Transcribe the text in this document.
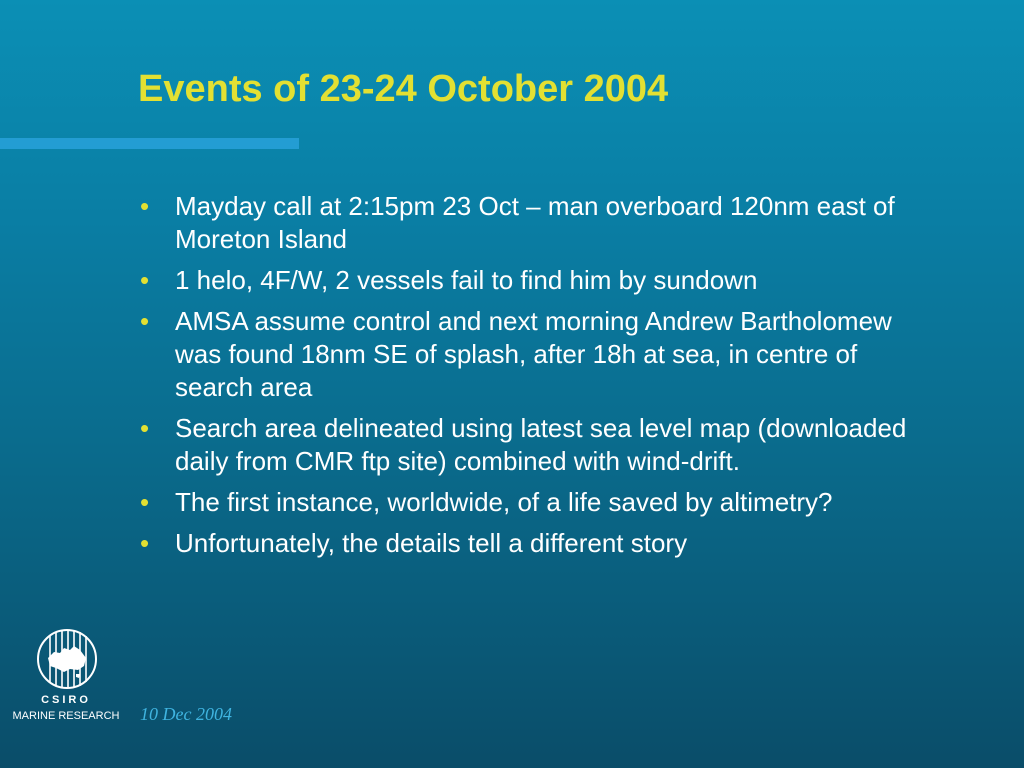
Events of 23-24 October 2004
• Mayday call at 2:15pm 23 Oct – man overboard 120nm east of Moreton Island
• 1 helo, 4F/W, 2 vessels fail to find him by sundown
• AMSA assume control and next morning Andrew Bartholomew was found 18nm SE of splash, after 18h at sea, in centre of search area
• Search area delineated using latest sea level map (downloaded daily from CMR ftp site) combined with wind-drift.
• The first instance, worldwide, of a life saved by altimetry?
• Unfortunately, the details tell a different story
CSIRO
MARINE RESEARCH 10 Dec 2004
